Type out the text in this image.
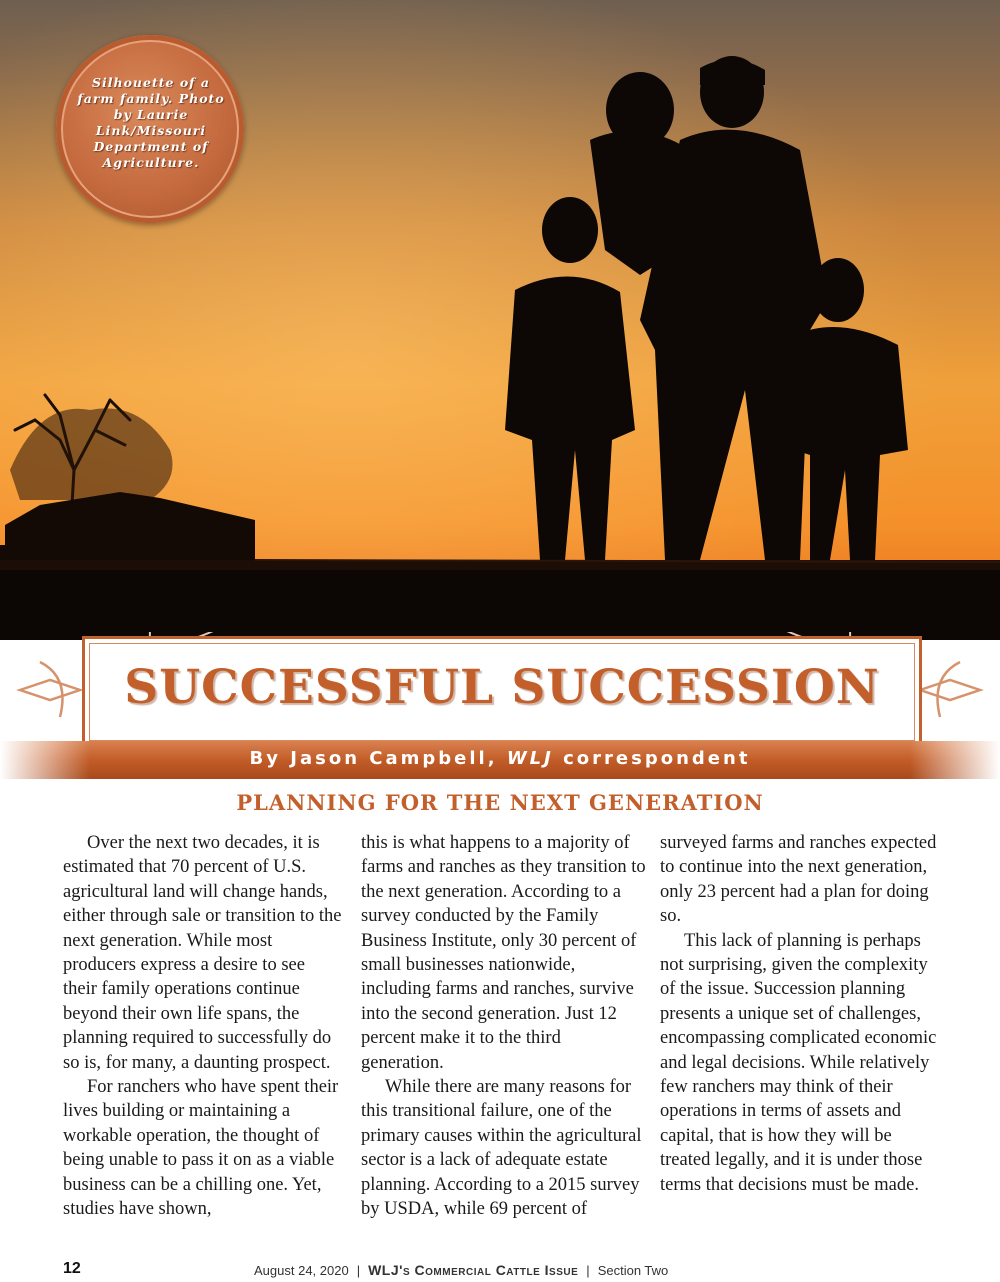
Silhouette of a farm family. Photo by Laurie Link/Missouri Department of Agriculture.
SUCCESSFUL SUCCESSION
By Jason Campbell, WLJ correspondent
PLANNING FOR THE NEXT GENERATION

Over the next two decades, it is estimated that 70 percent of U.S. agricultural land will change hands, either through sale or transition to the next generation. While most producers express a desire to see their family operations continue beyond their own life spans, the planning required to successfully do so is, for many, a daunting prospect.

For ranchers who have spent their lives building or maintaining a workable operation, the thought of being unable to pass it on as a viable business can be a chilling one. Yet, studies have shown,

this is what happens to a majority of farms and ranches as they transition to the next generation. According to a survey conducted by the Family Business Institute, only 30 percent of small businesses nationwide, including farms and ranches, survive into the second generation. Just 12 percent make it to the third generation.

While there are many reasons for this transitional failure, one of the primary causes within the agricultural sector is a lack of adequate estate planning. According to a 2015 survey by USDA, while 69 percent of

surveyed farms and ranches expected to continue into the next generation, only 23 percent had a plan for doing so.

This lack of planning is perhaps not surprising, given the complexity of the issue. Succession planning presents a unique set of challenges, encompassing complicated economic and legal decisions. While relatively few ranchers may think of their operations in terms of assets and capital, that is how they will be treated legally, and it is under those terms that decisions must be made.

12	August 24, 2020 | WLJ's Commercial Cattle Issue | Section Two
